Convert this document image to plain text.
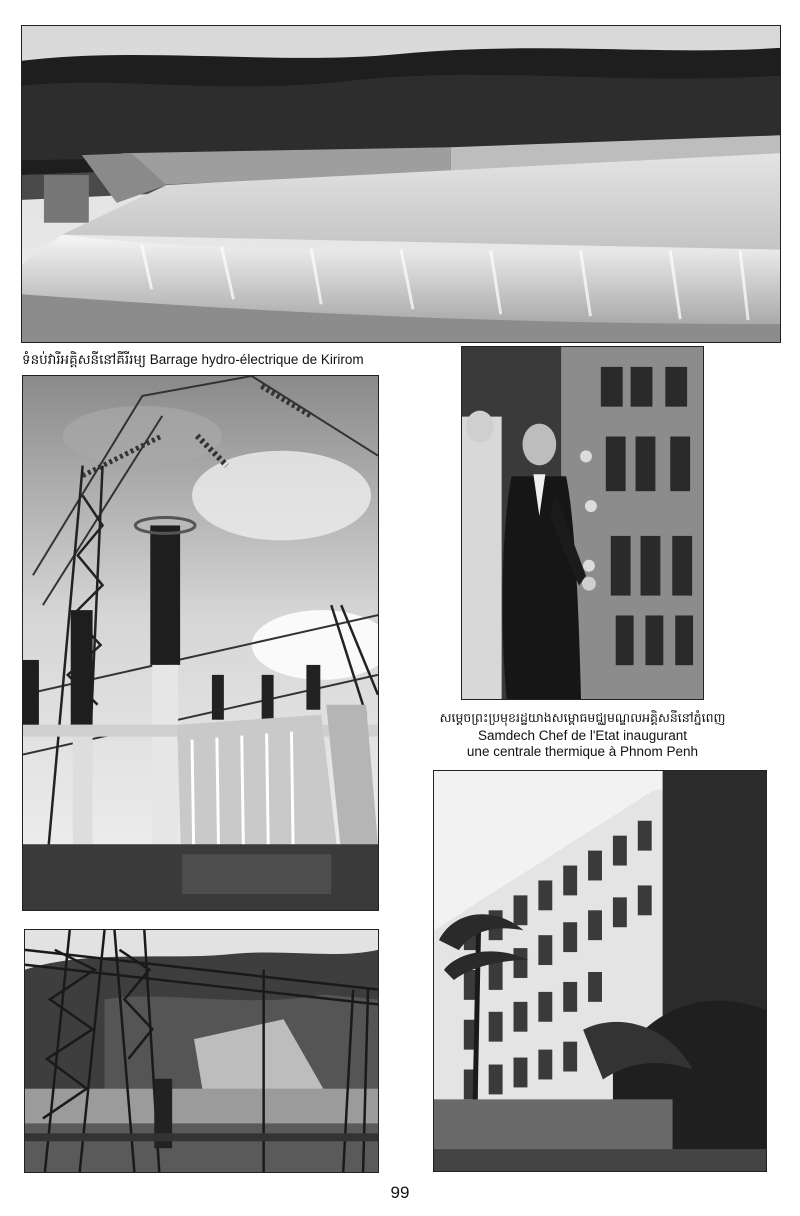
ទំនប់វារីអគ្គិសនីនៅគីរីរម្យ Barrage hydro-électrique de Kirirom
សម្ដេចព្រះប្រមុខរដ្ឋយាងសម្ពោធមជ្ឈមណ្ឌលអគ្គិសនីនៅភ្នំពេញ
Samdech Chef de l'Etat inaugurant
une centrale thermique à Phnom Penh
99
